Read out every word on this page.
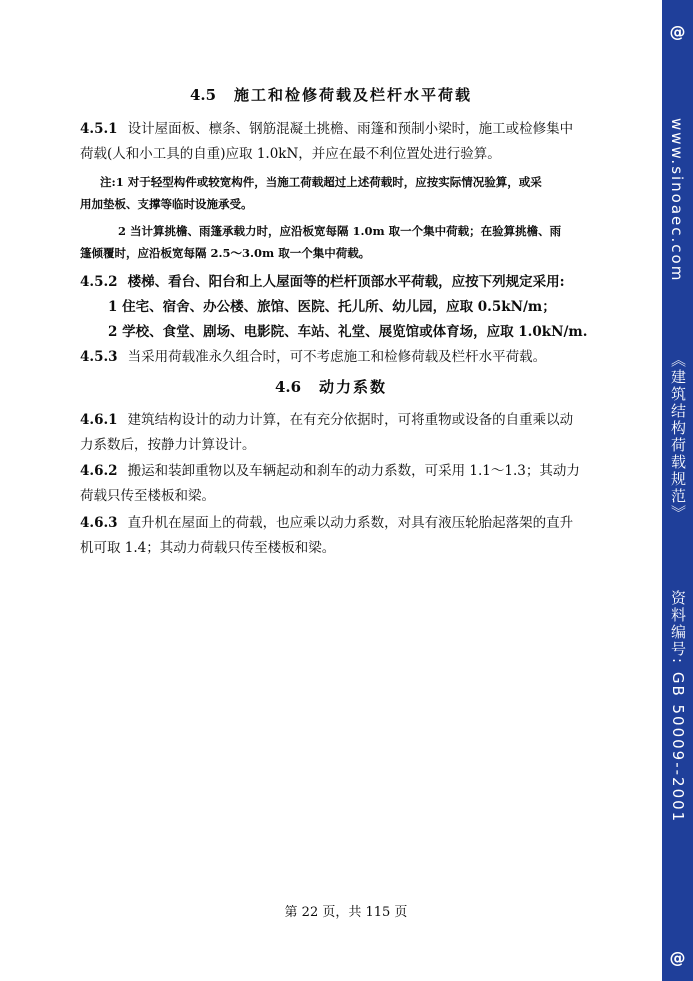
4.5 施工和检修荷载及栏杆水平荷载
4.5.1 设计屋面板、檩条、钢筋混凝土挑檐、雨篷和预制小梁时，施工或检修集中
荷载(人和小工具的自重)应取 1.0kN，并应在最不利位置处进行验算。
注:1 对于轻型构件或较宽构件，当施工荷载超过上述荷载时，应按实际情况验算，或采
用加垫板、支撑等临时设施承受。
2 当计算挑檐、雨篷承载力时，应沿板宽每隔 1.0m 取一个集中荷载；在验算挑檐、雨
篷倾覆时，应沿板宽每隔 2.5～3.0m 取一个集中荷载。
4.5.2 楼梯、看台、阳台和上人屋面等的栏杆顶部水平荷载，应按下列规定采用:
1 住宅、宿舍、办公楼、旅馆、医院、托儿所、幼儿园，应取 0.5kN/m；
2 学校、食堂、剧场、电影院、车站、礼堂、展览馆或体育场，应取 1.0kN/m.
4.5.3 当采用荷载准永久组合时，可不考虑施工和检修荷载及栏杆水平荷载。
4.6 动力系数
4.6.1 建筑结构设计的动力计算，在有充分依据时，可将重物或设备的自重乘以动
力系数后，按静力计算设计。
4.6.2 搬运和装卸重物以及车辆起动和刹车的动力系数，可采用 1.1～1.3；其动力
荷载只传至楼板和梁。
4.6.3 直升机在屋面上的荷载，也应乘以动力系数，对具有液压轮胎起落架的直升
机可取 1.4；其动力荷载只传至楼板和梁。
第 22 页，共 115 页
@
www.sinoaec.com
《建筑结构荷载规范》
资料编号: GB 50009--2001
@
